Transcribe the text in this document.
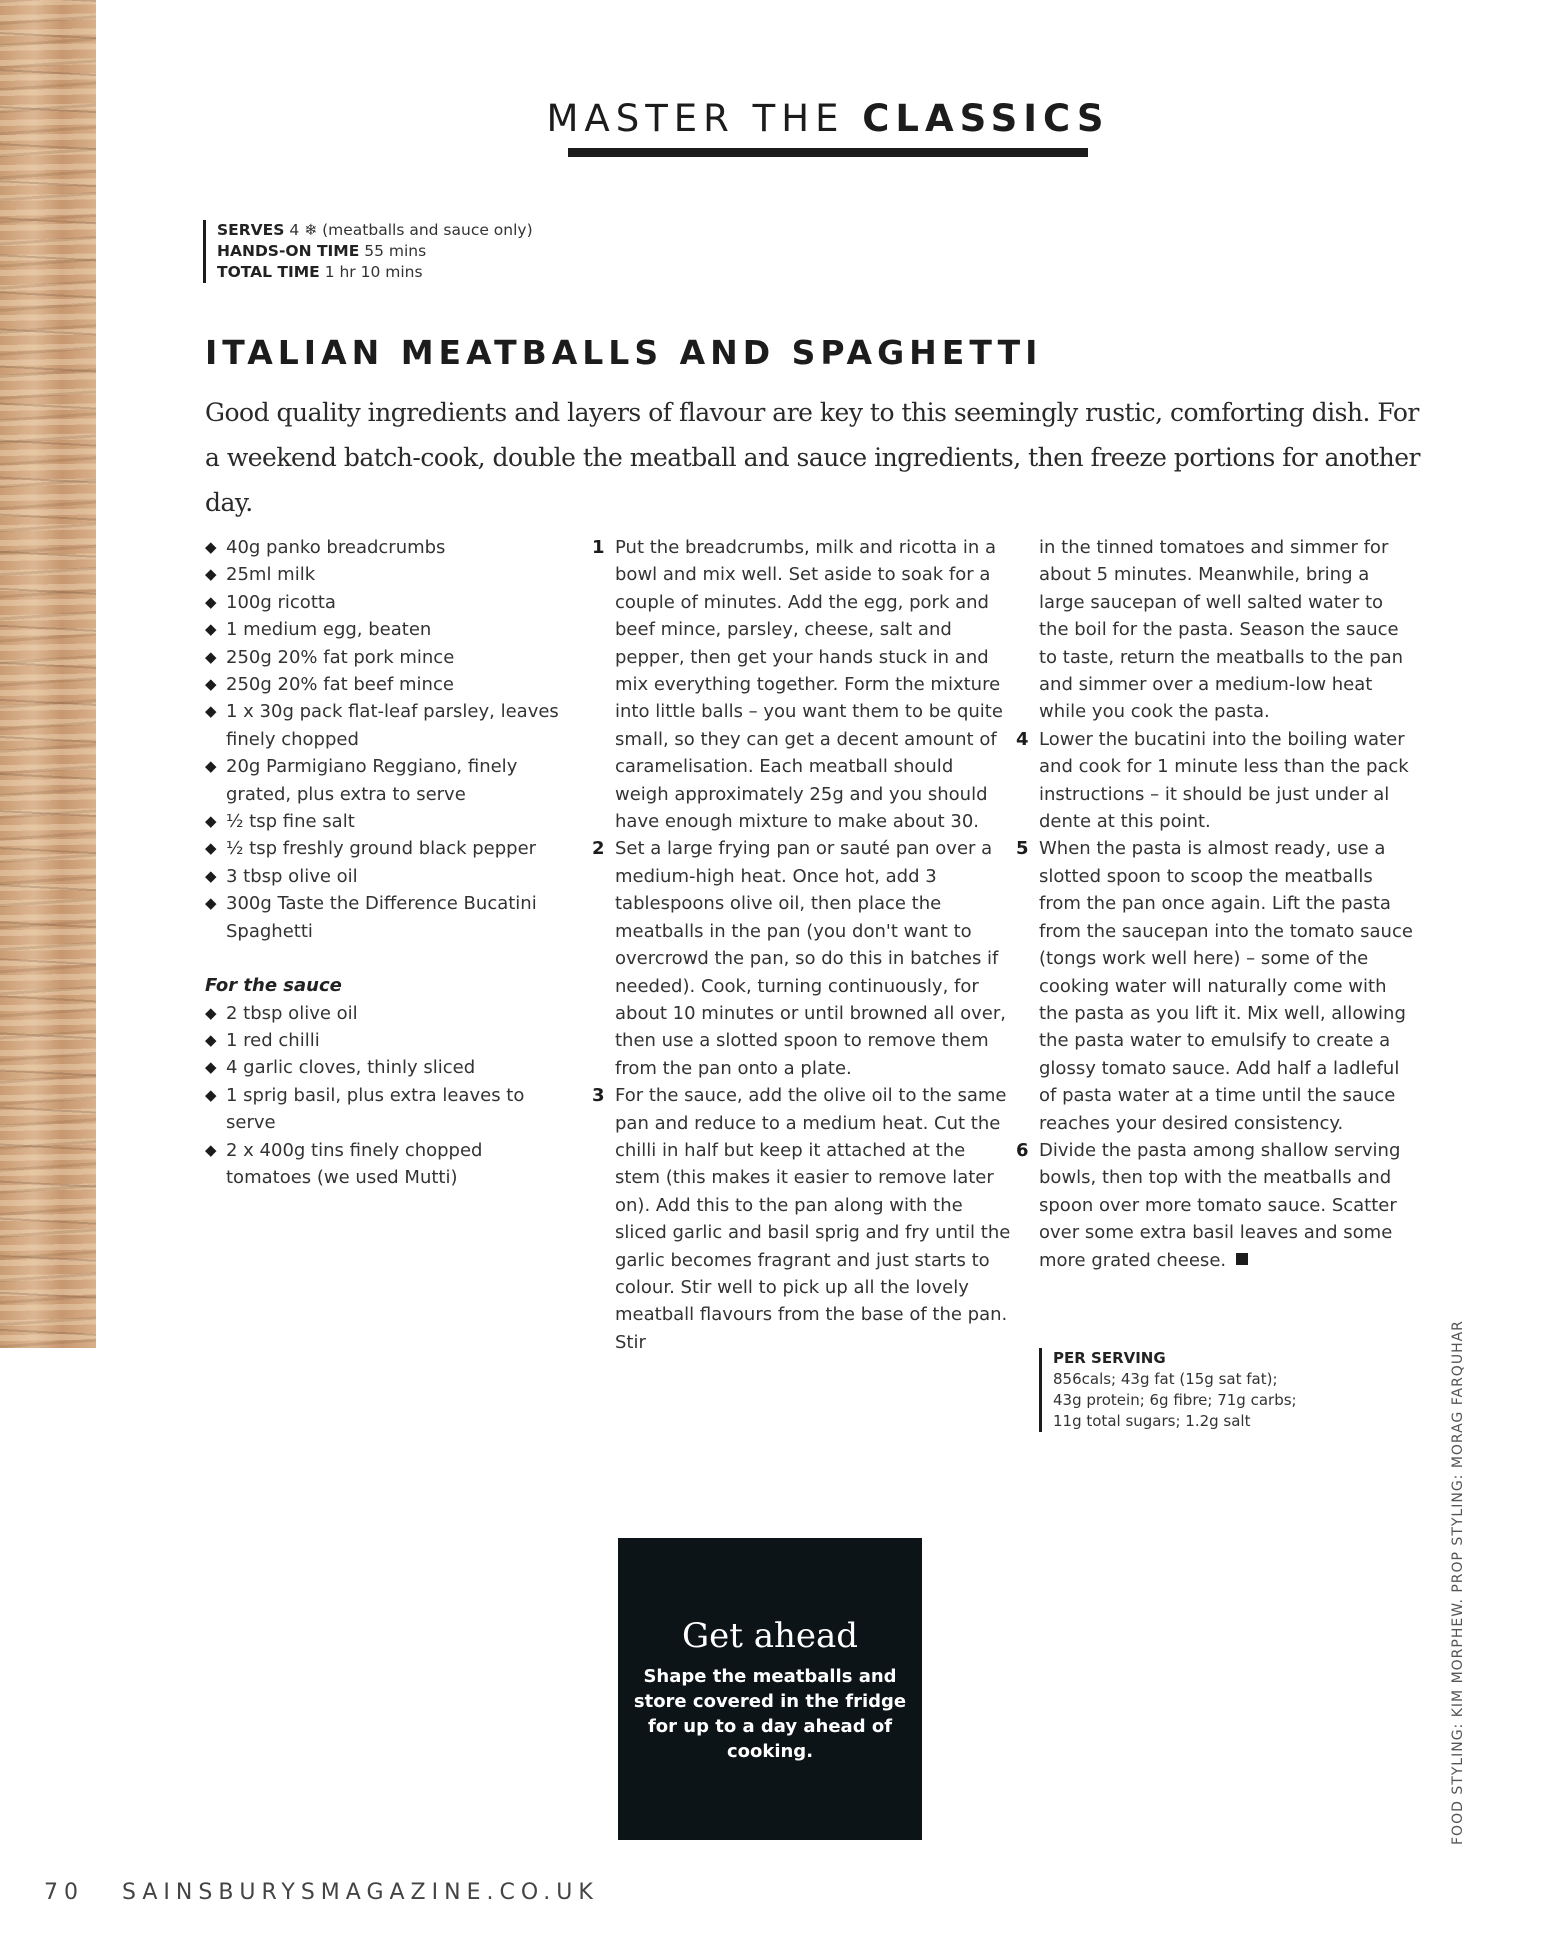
MASTER THE CLASSICS
SERVES 4 ❄ (meatballs and sauce only)
HANDS-ON TIME 55 mins
TOTAL TIME 1 hr 10 mins
ITALIAN MEATBALLS AND SPAGHETTI

Good quality ingredients and layers of flavour are key to this seemingly rustic, comforting dish. For a weekend batch-cook, double the meatball and sauce ingredients, then freeze portions for another day.

◆ 40g panko breadcrumbs
◆ 25ml milk
◆ 100g ricotta
◆ 1 medium egg, beaten
◆ 250g 20% fat pork mince
◆ 250g 20% fat beef mince
◆ 1 x 30g pack flat-leaf parsley, leaves finely chopped
◆ 20g Parmigiano Reggiano, finely grated, plus extra to serve
◆ ½ tsp fine salt
◆ ½ tsp freshly ground black pepper
◆ 3 tbsp olive oil
◆ 300g Taste the Difference Bucatini Spaghetti

For the sauce

◆ 2 tbsp olive oil
◆ 1 red chilli
◆ 4 garlic cloves, thinly sliced
◆ 1 sprig basil, plus extra leaves to serve
◆ 2 x 400g tins finely chopped tomatoes (we used Mutti)

1 Put the breadcrumbs, milk and ricotta in a bowl and mix well. Set aside to soak for a couple of minutes. Add the egg, pork and beef mince, parsley, cheese, salt and pepper, then get your hands stuck in and mix everything together. Form the mixture into little balls – you want them to be quite small, so they can get a decent amount of caramelisation. Each meatball should weigh approximately 25g and you should have enough mixture to make about 30.

2 Set a large frying pan or sauté pan over a medium-high heat. Once hot, add 3 tablespoons olive oil, then place the meatballs in the pan (you don't want to overcrowd the pan, so do this in batches if needed). Cook, turning continuously, for about 10 minutes or until browned all over, then use a slotted spoon to remove them from the pan onto a plate.

3 For the sauce, add the olive oil to the same pan and reduce to a medium heat. Cut the chilli in half but keep it attached at the stem (this makes it easier to remove later on). Add this to the pan along with the sliced garlic and basil sprig and fry until the garlic becomes fragrant and just starts to colour. Stir well to pick up all the lovely meatball flavours from the base of the pan. Stir

in the tinned tomatoes and simmer for about 5 minutes. Meanwhile, bring a large saucepan of well salted water to the boil for the pasta. Season the sauce to taste, return the meatballs to the pan and simmer over a medium-low heat while you cook the pasta.

4 Lower the bucatini into the boiling water and cook for 1 minute less than the pack instructions – it should be just under al dente at this point.

5 When the pasta is almost ready, use a slotted spoon to scoop the meatballs from the pan once again. Lift the pasta from the saucepan into the tomato sauce (tongs work well here) – some of the cooking water will naturally come with the pasta as you lift it. Mix well, allowing the pasta water to emulsify to create a glossy tomato sauce. Add half a ladleful of pasta water at a time until the sauce reaches your desired consistency.

6 Divide the pasta among shallow serving bowls, then top with the meatballs and spoon over more tomato sauce. Scatter over some extra basil leaves and some more grated cheese.

PER SERVING
856cals; 43g fat (15g sat fat);
43g protein; 6g fibre; 71g carbs;
11g total sugars; 1.2g salt
Get ahead

Shape the meatballs and store covered in the fridge for up to a day ahead of cooking.	FOOD STYLING: KIM MORPHEW. PROP STYLING: MORAG FARQUHAR
70 SAINSBURYSMAGAZINE.CO.UK
